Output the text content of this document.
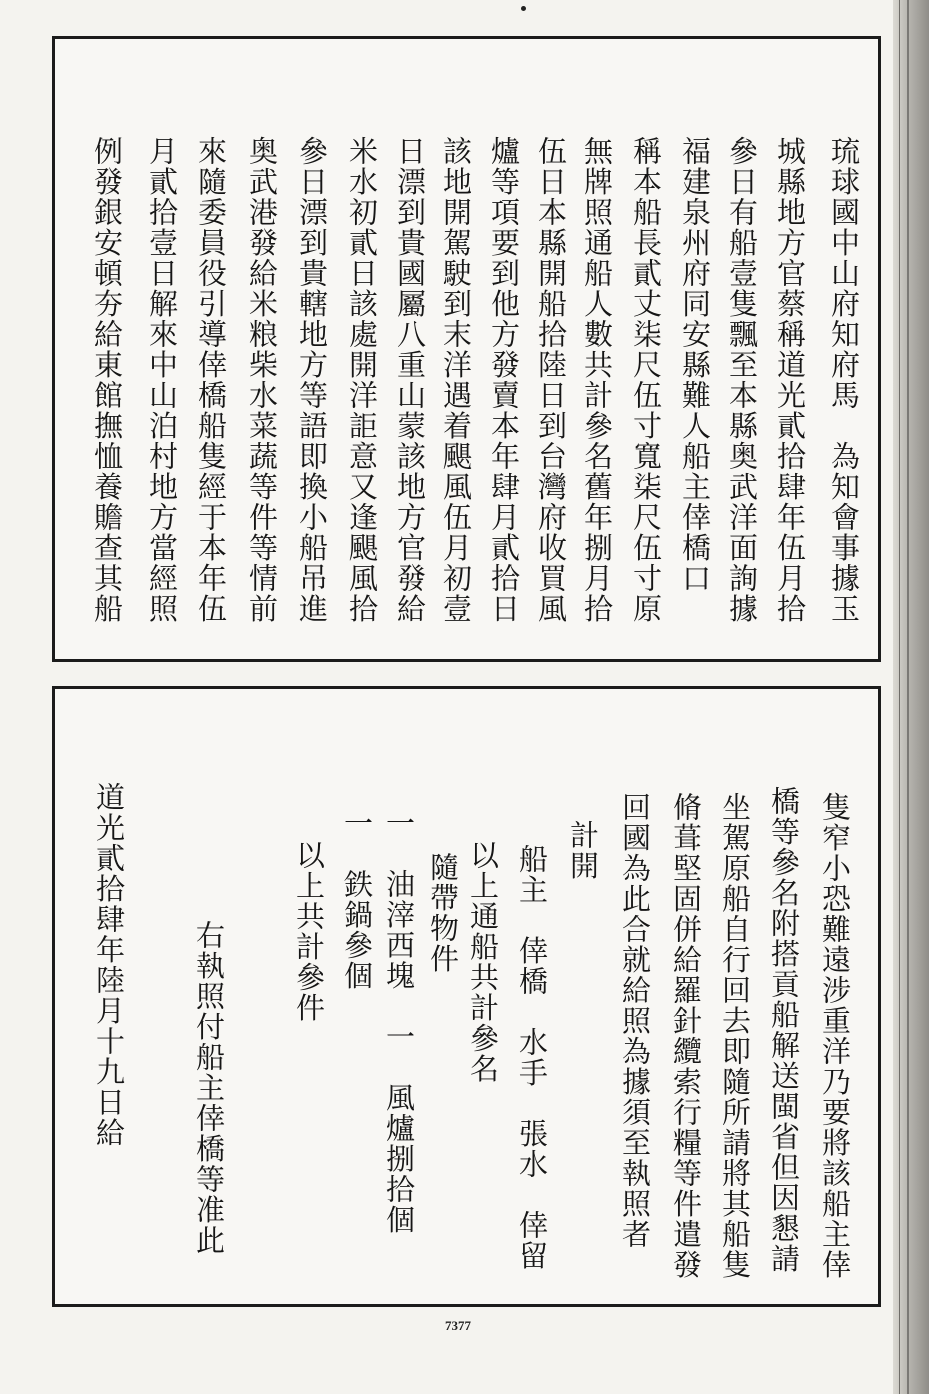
琉球國中山府知府馬　為知會事據玉
城縣地方官蔡稱道光貳拾肆年伍月拾
參日有船壹隻飄至本縣奥武洋面詢據
福建泉州府同安縣難人船主倖橋口
稱本船長貳丈柒尺伍寸寬柒尺伍寸原
無牌照通船人數共計參名舊年捌月拾
伍日本縣開船拾陸日到台灣府收買風
爐等項要到他方發賣本年肆月貳拾日
該地開駕駛到末洋遇着颶風伍月初壹
日漂到貴國屬八重山蒙該地方官發給
米水初貳日該處開洋詎意又逢颶風拾
參日漂到貴轄地方等語即換小船吊進
奥武港發給米粮柴水菜蔬等件等情前
來隨委員役引導倖橋船隻經于本年伍
月貳拾壹日解來中山泊村地方當經照
例發銀安頓夯給東館撫恤養贍查其船
隻窄小恐難遠涉重洋乃要將該船主倖
橋等參名附搭貢船解送閩省但因懇請
坐駕原船自行回去即隨所請將其船隻
脩葺堅固併給羅針纜索行糧等件遣發
回國為此合就給照為據須至執照者
計開
船主　倖橋　水手　張水　倖留
以上通船共計參名
隨帶物件
一　油滓西塊　一　風爐捌拾個
一　鉄鍋參個
以上共計參件
右執照付船主倖橋等准此
道光貳拾肆年陸月十九日給
7377
